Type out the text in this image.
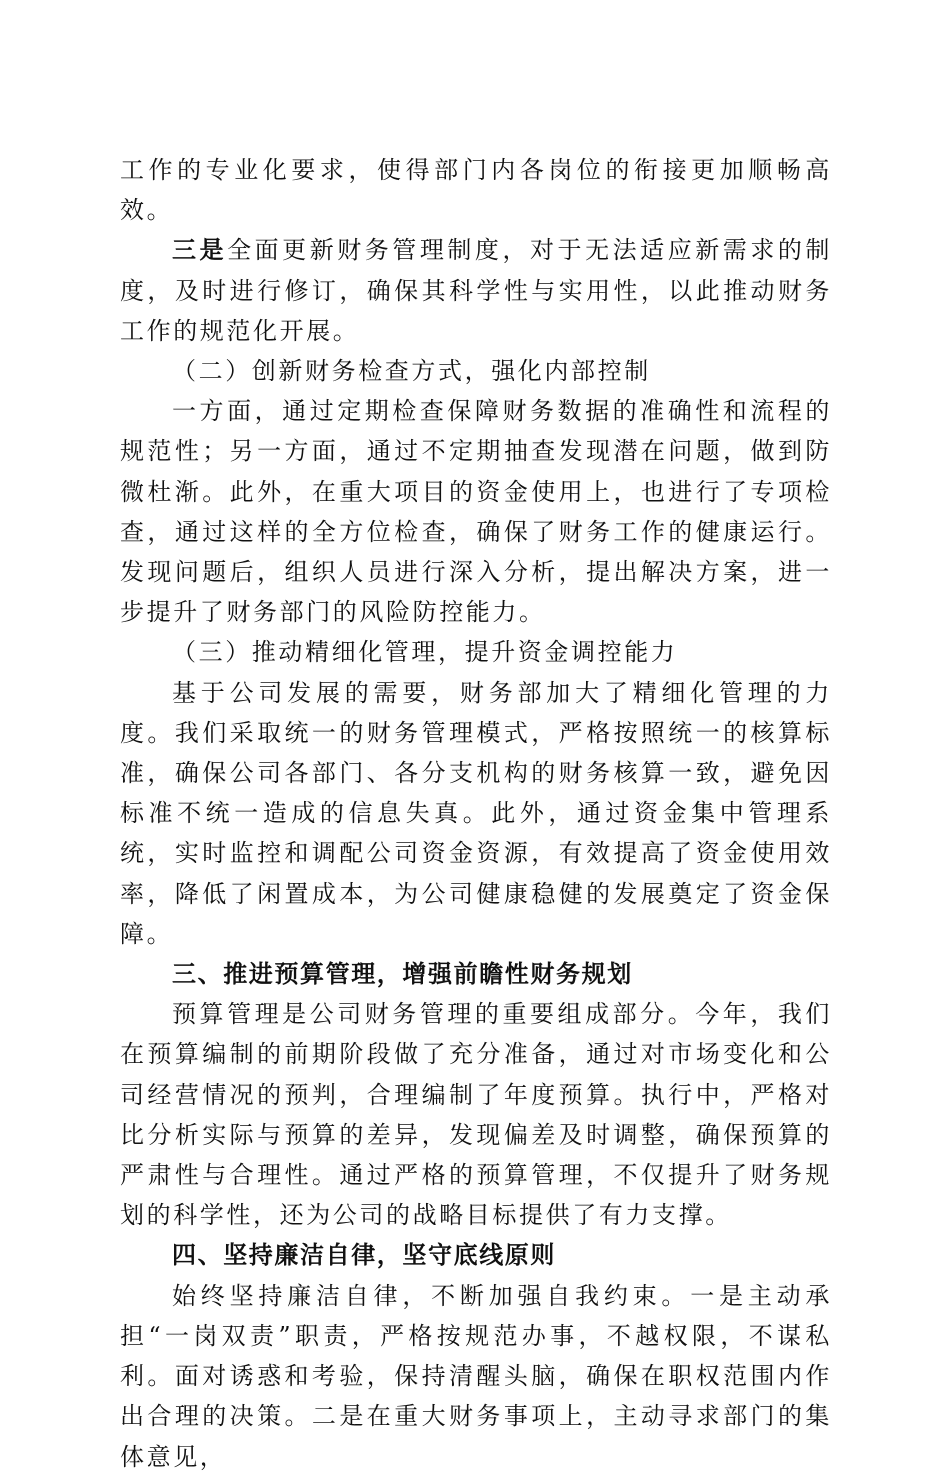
工作的专业化要求，使得部门内各岗位的衔接更加顺畅高效。

三是全面更新财务管理制度，对于无法适应新需求的制度，及时进行修订，确保其科学性与实用性，以此推动财务工作的规范化开展。

（二）创新财务检查方式，强化内部控制

一方面，通过定期检查保障财务数据的准确性和流程的规范性；另一方面，通过不定期抽查发现潜在问题，做到防微杜渐。此外，在重大项目的资金使用上，也进行了专项检查，通过这样的全方位检查，确保了财务工作的健康运行。发现问题后，组织人员进行深入分析，提出解决方案，进一步提升了财务部门的风险防控能力。

（三）推动精细化管理，提升资金调控能力

基于公司发展的需要，财务部加大了精细化管理的力度。我们采取统一的财务管理模式，严格按照统一的核算标准，确保公司各部门、各分支机构的财务核算一致，避免因标准不统一造成的信息失真。此外，通过资金集中管理系统，实时监控和调配公司资金资源，有效提高了资金使用效率，降低了闲置成本，为公司健康稳健的发展奠定了资金保障。

三、推进预算管理，增强前瞻性财务规划

预算管理是公司财务管理的重要组成部分。今年，我们在预算编制的前期阶段做了充分准备，通过对市场变化和公司经营情况的预判，合理编制了年度预算。执行中，严格对比分析实际与预算的差异，发现偏差及时调整，确保预算的严肃性与合理性。通过严格的预算管理，不仅提升了财务规划的科学性，还为公司的战略目标提供了有力支撑。

四、坚持廉洁自律，坚守底线原则

始终坚持廉洁自律，不断加强自我约束。一是主动承担“一岗双责”职责，严格按规范办事，不越权限，不谋私利。面对诱惑和考验，保持清醒头脑，确保在职权范围内作出合理的决策。二是在重大财务事项上，主动寻求部门的集体意见，
